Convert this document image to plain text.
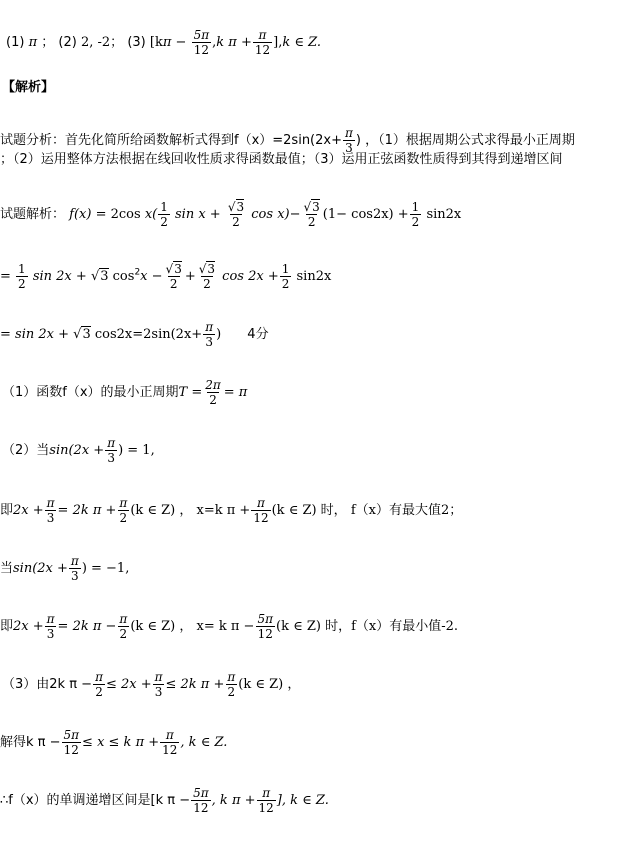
(1) π ； (2) 2, -2； (3) [$k\pi - \frac{5\pi}{12} ,k$ $\pi + \frac{\pi}{12} ],k$ ∈ Z.
【解析】
试题分析：首先化简所给函数解析式得到$f(x)=2\sin(2x+ \frac{\pi}{3}$ ) ，（1）根据周期公式求得最小正周期
；（2）运用整体方法根据在线回收性质求得函数最值；（3）运用正弦函数性质得到其得到递增区间
试题解析： f(x) = 2cos $x( \frac{1}{2}$ $\sin x + \frac{√3}{2}$ $\cos x)- \frac{√3}{2} (1- \cos 2x) + \frac{1}{2} \sin 2x$
= $\frac{1}{2}$ sin 2x + √3 $\cos^2x - \frac{√3}{2} + \frac{√3}{2}$ $\cos 2x + \frac{1}{2} \sin 2x$
= sin 2x + √3 $\cos 2x=2\sin(2x+ \frac{\pi}{3}$ ) 4分
（1）函数f（x）的最小正周期$T = \frac{2\pi}{2} = \pi$
（2）当$\sin(2x + \frac{\pi}{3}$ ) = 1,
即$2x + \frac{\pi}{3} = 2k$ $\pi + \frac{\pi}{2} (k$ ∈ Z) ， x=k $\pi + \frac{\pi}{12} (k$ ∈ Z) 时， f（x）有最大值2；
当$\sin(2x + \frac{\pi}{3}$ ) = −1,
即$2x + \frac{\pi}{3} = 2k$ $\pi - \frac{\pi}{2} (k$ ∈ Z) ， x= k $\pi - \frac{5\pi}{12} (k$ ∈ Z) 时，f（x）有最小值-2.
（3）由2k $\pi - \frac{\pi}{2} \le 2x + \frac{\pi}{3} \le 2k$ $\pi + \frac{\pi}{2} (k$ ∈ Z) ，
解得k $\pi - \frac{5\pi}{12} \le x \le k$ $\pi + \frac{\pi}{12}$ , k ∈ Z.
∴f（x）的单调递增区间是[k $\pi - \frac{5\pi}{12}$ , k $\pi + \frac{\pi}{12}$ ], k ∈ Z.
